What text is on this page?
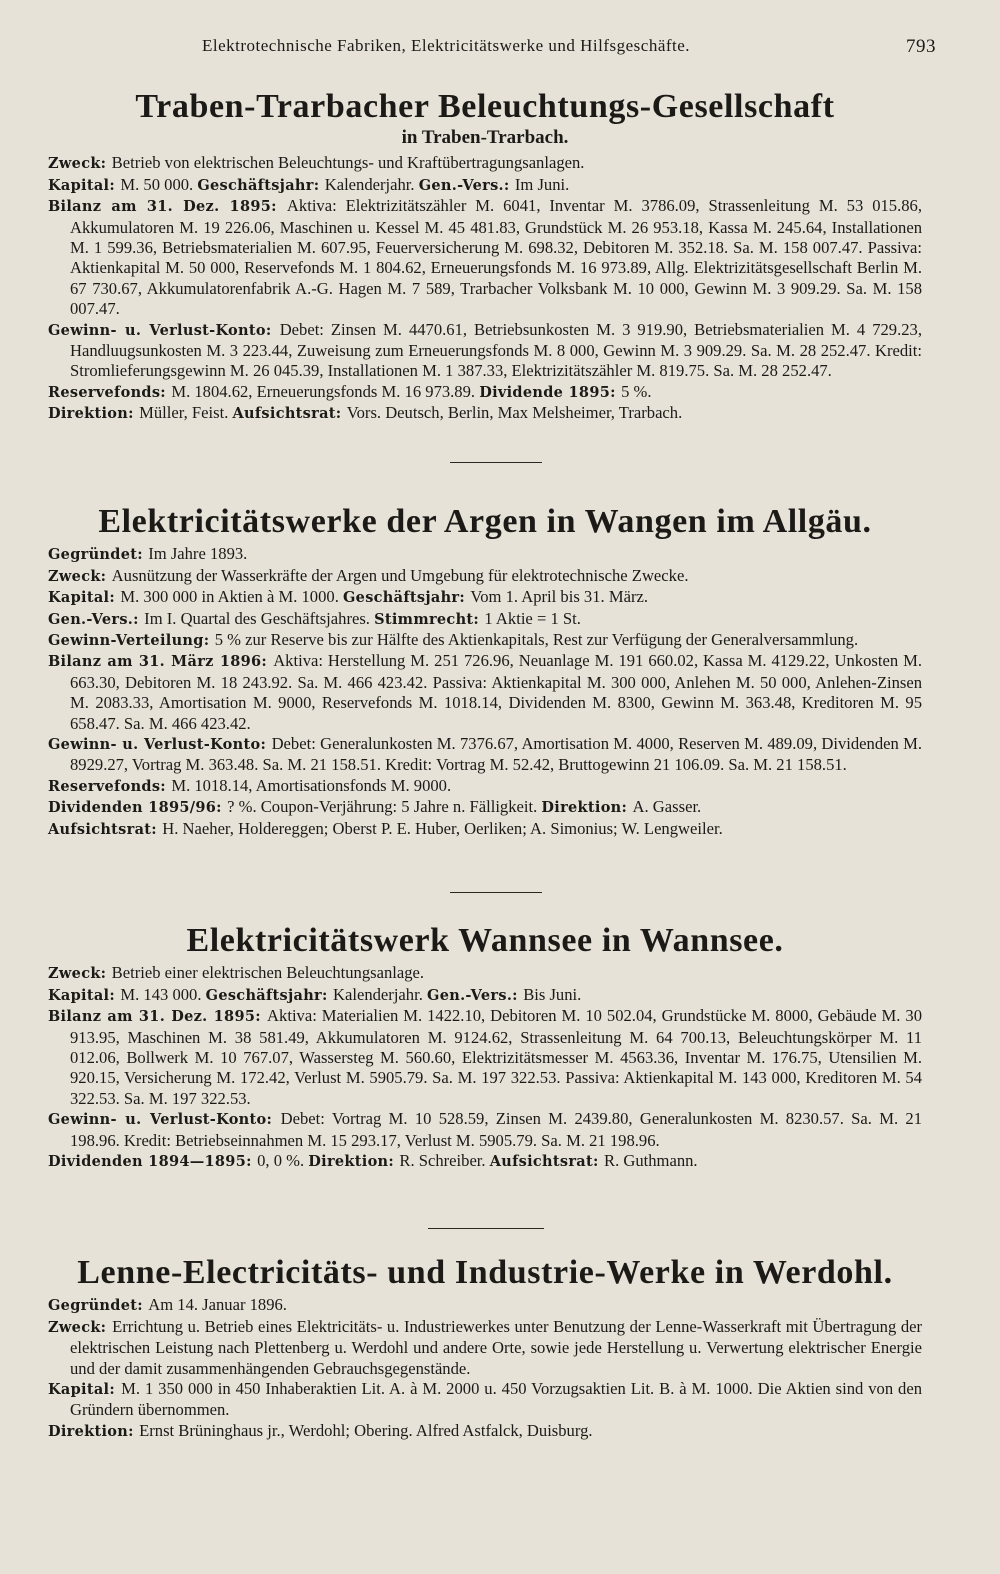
Elektrotechnische Fabriken, Elektricitätswerke und Hilfsgeschäfte.	793
Traben-Trarbacher Beleuchtungs-Gesellschaft
in Traben-Trarbach.

Zweck: Betrieb von elektrischen Beleuchtungs- und Kraftübertragungsanlagen.

Kapital: M. 50 000. Geschäftsjahr: Kalenderjahr. Gen.-Vers.: Im Juni.

Bilanz am 31. Dez. 1895: Aktiva: Elektrizitätszähler M. 6041, Inventar M. 3786.09, Strassenleitung M. 53 015.86, Akkumulatoren M. 19 226.06, Maschinen u. Kessel M. 45 481.83, Grundstück M. 26 953.18, Kassa M. 245.64, Installationen M. 1 599.36, Betriebsmaterialien M. 607.95, Feuerversicherung M. 698.32, Debitoren M. 352.18. Sa. M. 158 007.47. Passiva: Aktienkapital M. 50 000, Reservefonds M. 1 804.62, Erneuerungsfonds M. 16 973.89, Allg. Elektrizitätsgesellschaft Berlin M. 67 730.67, Akkumulatorenfabrik A.-G. Hagen M. 7 589, Trarbacher Volksbank M. 10 000, Gewinn M. 3 909.29. Sa. M. 158 007.47.

Gewinn- u. Verlust-Konto: Debet: Zinsen M. 4470.61, Betriebsunkosten M. 3 919.90, Betriebsmaterialien M. 4 729.23, Handluugsunkosten M. 3 223.44, Zuweisung zum Erneuerungsfonds M. 8 000, Gewinn M. 3 909.29. Sa. M. 28 252.47. Kredit: Stromlieferungsgewinn M. 26 045.39, Installationen M. 1 387.33, Elektrizitätszähler M. 819.75. Sa. M. 28 252.47.

Reservefonds: M. 1804.62, Erneuerungsfonds M. 16 973.89. Dividende 1895: 5 %.

Direktion: Müller, Feist. Aufsichtsrat: Vors. Deutsch, Berlin, Max Melsheimer, Trarbach.

Elektricitätswerke der Argen in Wangen im Allgäu.

Gegründet: Im Jahre 1893.

Zweck: Ausnützung der Wasserkräfte der Argen und Umgebung für elektrotechnische Zwecke.

Kapital: M. 300 000 in Aktien à M. 1000. Geschäftsjahr: Vom 1. April bis 31. März.

Gen.-Vers.: Im I. Quartal des Geschäftsjahres. Stimmrecht: 1 Aktie = 1 St.

Gewinn-Verteilung: 5 % zur Reserve bis zur Hälfte des Aktienkapitals, Rest zur Verfügung der Generalversammlung.

Bilanz am 31. März 1896: Aktiva: Herstellung M. 251 726.96, Neuanlage M. 191 660.02, Kassa M. 4129.22, Unkosten M. 663.30, Debitoren M. 18 243.92. Sa. M. 466 423.42. Passiva: Aktienkapital M. 300 000, Anlehen M. 50 000, Anlehen-Zinsen M. 2083.33, Amortisation M. 9000, Reservefonds M. 1018.14, Dividenden M. 8300, Gewinn M. 363.48, Kreditoren M. 95 658.47. Sa. M. 466 423.42.

Gewinn- u. Verlust-Konto: Debet: Generalunkosten M. 7376.67, Amortisation M. 4000, Reserven M. 489.09, Dividenden M. 8929.27, Vortrag M. 363.48. Sa. M. 21 158.51. Kredit: Vortrag M. 52.42, Bruttogewinn 21 106.09. Sa. M. 21 158.51.

Reservefonds: M. 1018.14, Amortisationsfonds M. 9000.

Dividenden 1895/96: ? %. Coupon-Verjährung: 5 Jahre n. Fälligkeit. Direktion: A. Gasser.

Aufsichtsrat: H. Naeher, Holdereggen; Oberst P. E. Huber, Oerliken; A. Simonius; W. Lengweiler.

Elektricitätswerk Wannsee in Wannsee.

Zweck: Betrieb einer elektrischen Beleuchtungsanlage.

Kapital: M. 143 000. Geschäftsjahr: Kalenderjahr. Gen.-Vers.: Bis Juni.

Bilanz am 31. Dez. 1895: Aktiva: Materialien M. 1422.10, Debitoren M. 10 502.04, Grundstücke M. 8000, Gebäude M. 30 913.95, Maschinen M. 38 581.49, Akkumulatoren M. 9124.62, Strassenleitung M. 64 700.13, Beleuchtungskörper M. 11 012.06, Bollwerk M. 10 767.07, Wassersteg M. 560.60, Elektrizitätsmesser M. 4563.36, Inventar M. 176.75, Utensilien M. 920.15, Versicherung M. 172.42, Verlust M. 5905.79. Sa. M. 197 322.53. Passiva: Aktienkapital M. 143 000, Kreditoren M. 54 322.53. Sa. M. 197 322.53.

Gewinn- u. Verlust-Konto: Debet: Vortrag M. 10 528.59, Zinsen M. 2439.80, Generalunkosten M. 8230.57. Sa. M. 21 198.96. Kredit: Betriebseinnahmen M. 15 293.17, Verlust M. 5905.79. Sa. M. 21 198.96.

Dividenden 1894—1895: 0, 0 %. Direktion: R. Schreiber. Aufsichtsrat: R. Guthmann.

Lenne-Electricitäts- und Industrie-Werke in Werdohl.

Gegründet: Am 14. Januar 1896.

Zweck: Errichtung u. Betrieb eines Elektricitäts- u. Industriewerkes unter Benutzung der Lenne-Wasserkraft mit Übertragung der elektrischen Leistung nach Plettenberg u. Werdohl und andere Orte, sowie jede Herstellung u. Verwertung elektrischer Energie und der damit zusammenhängenden Gebrauchsgegenstände.

Kapital: M. 1 350 000 in 450 Inhaberaktien Lit. A. à M. 2000 u. 450 Vorzugsaktien Lit. B. à M. 1000. Die Aktien sind von den Gründern übernommen.

Direktion: Ernst Brüninghaus jr., Werdohl; Obering. Alfred Astfalck, Duisburg.
